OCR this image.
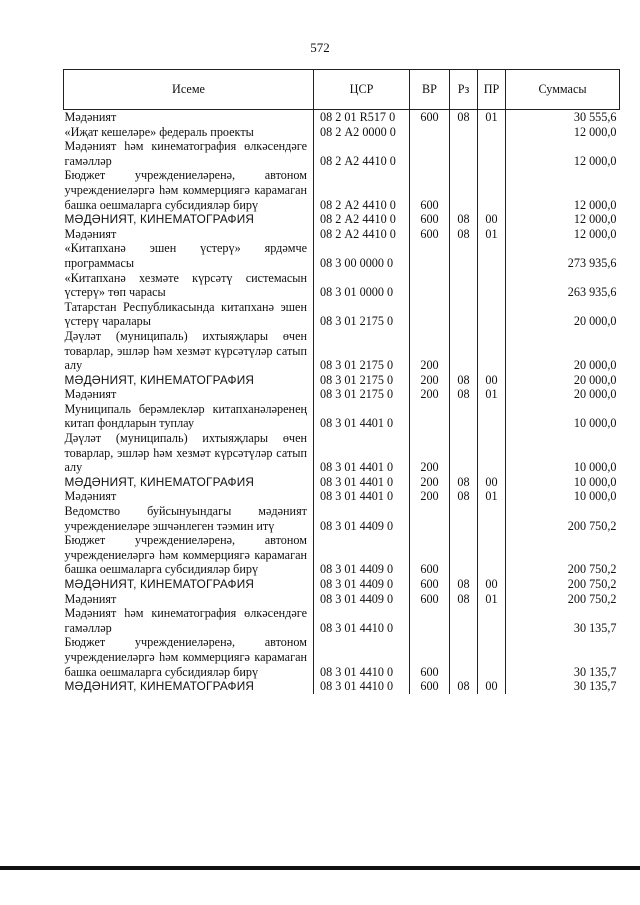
572
Исеме	ЦСР	ВР	Рз	ПР	Суммасы
Мәдәният	08 2 01 R517 0	600	08	01	30 555,6
«Иҗат кешеләре» федераль проекты	08 2 А2 0000 0				12 000,0
Мәдәният һәм кинематография өлкәсендәге гамәлләр	08 2 А2 4410 0				12 000,0
Бюджет учреждениеләренә, автоном учреждениеләргә һәм коммерциягә карамаган башка оешмаларга субсидияләр бирү	08 2 А2 4410 0	600			12 000,0
МӘДӘНИЯТ, КИНЕМАТОГРАФИЯ	08 2 А2 4410 0	600	08	00	12 000,0
Мәдәният	08 2 А2 4410 0	600	08	01	12 000,0
«Китапханә эшен үстерү» ярдәмче программасы	08 3 00 0000 0				273 935,6
«Китапханә хезмәте күрсәтү системасын үстерү» төп чарасы	08 3 01 0000 0				263 935,6
Татарстан Республикасында китапханә эшен үстерү чаралары	08 3 01 2175 0				20 000,0
Дәүләт (муниципаль) ихтыяҗлары өчен товарлар, эшләр һәм хезмәт күрсәтүләр сатып алу	08 3 01 2175 0	200			20 000,0
МӘДӘНИЯТ, КИНЕМАТОГРАФИЯ	08 3 01 2175 0	200	08	00	20 000,0
Мәдәният	08 3 01 2175 0	200	08	01	20 000,0
Муниципаль берәмлекләр китапханәләренең китап фондларын туплау	08 3 01 4401 0				10 000,0
Дәүләт (муниципаль) ихтыяҗлары өчен товарлар, эшләр һәм хезмәт күрсәтүләр сатып алу	08 3 01 4401 0	200			10 000,0
МӘДӘНИЯТ, КИНЕМАТОГРАФИЯ	08 3 01 4401 0	200	08	00	10 000,0
Мәдәният	08 3 01 4401 0	200	08	01	10 000,0
Ведомство буйсынуындагы мәдәният учреждениеләре эшчәнлеген тәэмин итү	08 3 01 4409 0				200 750,2
Бюджет учреждениеләренә, автоном учреждениеләргә һәм коммерциягә карамаган башка оешмаларга субсидияләр бирү	08 3 01 4409 0	600			200 750,2
МӘДӘНИЯТ, КИНЕМАТОГРАФИЯ	08 3 01 4409 0	600	08	00	200 750,2
Мәдәният	08 3 01 4409 0	600	08	01	200 750,2
Мәдәният һәм кинематография өлкәсендәге гамәлләр	08 3 01 4410 0				30 135,7
Бюджет учреждениеләренә, автоном учреждениеләргә һәм коммерциягә карамаган башка оешмаларга субсидияләр бирү	08 3 01 4410 0	600			30 135,7
МӘДӘНИЯТ, КИНЕМАТОГРАФИЯ	08 3 01 4410 0	600	08	00	30 135,7
